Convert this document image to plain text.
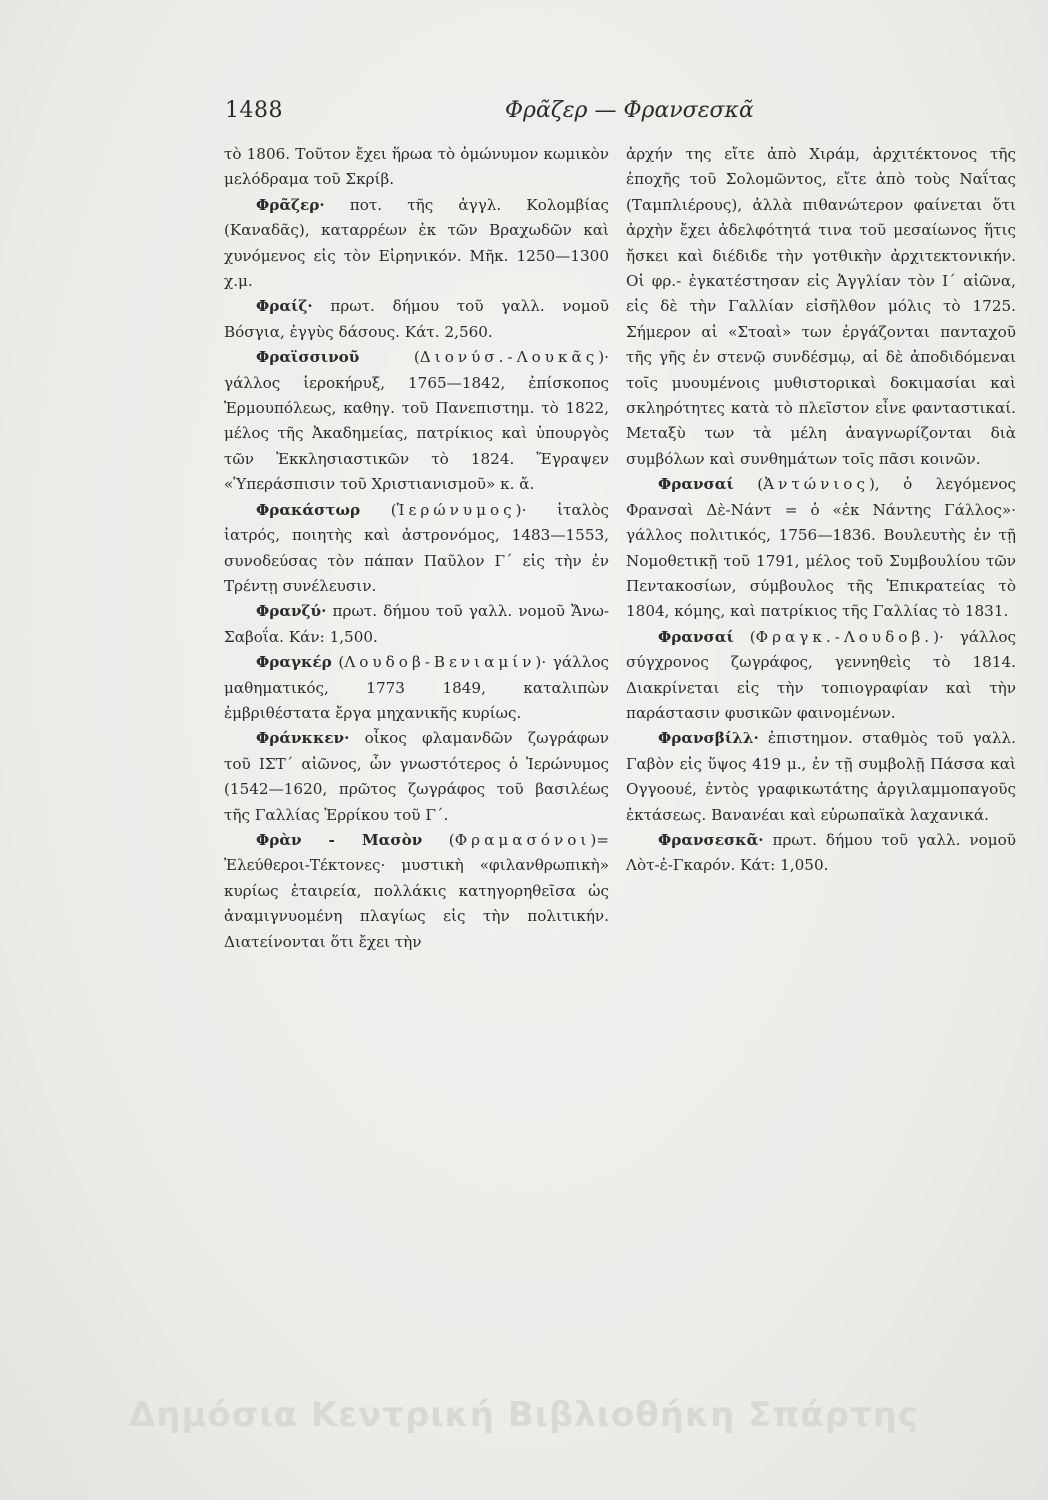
1488	Φρᾶζερ — Φρανσεσκᾶ

τὸ 1806. Τοῦτον ἔχει ἥρωα τὸ ὁμώνυμον κωμικὸν μελόδραμα τοῦ Σκρίβ.

Φρᾶζερ· ποτ. τῆς ἀγγλ. Κολομβίας (Καναδᾶς), καταρρέων ἐκ τῶν Βραχωδῶν καὶ χυνόμενος εἰς τὸν Εἰρηνικόν. Μῆκ. 1250—1300 χ.μ.

Φραίζ· πρωτ. δήμου τοῦ γαλλ. νομοῦ Βόσγια, ἐγγὺς δάσους. Κάτ. 2,560.

Φραϊσσινοῦ (Διονύσ.-Λουκᾶς)· γάλλος ἱεροκήρυξ, 1765—1842, ἐπίσκοπος Ἑρμουπόλεως, καθηγ. τοῦ Πανεπιστημ. τὸ 1822, μέλος τῆς Ἀκαδημείας, πατρίκιος καὶ ὑπουργὸς τῶν Ἐκκλησιαστικῶν τὸ 1824. Ἔγραψεν «Ὑπεράσπισιν τοῦ Χριστιανισμοῦ» κ. ἄ.

Φρακάστωρ (Ἱερώνυμος)· ἰταλὸς ἰατρός, ποιητὴς καὶ ἀστρονόμος, 1483—1553, συνοδεύσας τὸν πάπαν Παῦλον Γ΄ εἰς τὴν ἐν Τρέντῃ συνέλευσιν.

Φρανζύ· πρωτ. δήμου τοῦ γαλλ. νομοῦ Ἄνω-Σαβοΐα. Κάν: 1,500.

Φραγκέρ (Λουδοβ-Βενιαμίν)· γάλλος μαθηματικός, 1773 1849, καταλιπὼν ἐμβριθέστατα ἔργα μηχανικῆς κυρίως.

Φράνκκεν· οἶκος φλαμανδῶν ζωγράφων τοῦ ΙΣΤ΄ αἰῶνος, ὧν γνωστότερος ὁ Ἱερώνυμος (1542—1620, πρῶτος ζωγράφος τοῦ βασιλέως τῆς Γαλλίας Ἑρρίκου τοῦ Γ΄.

Φρὰν - Μασὸν (Φραμασόνοι)= Ἐλεύθεροι-Τέκτονες· μυστικὴ «φιλανθρωπικὴ» κυρίως ἑταιρεία, πολλάκις κατηγορηθεῖσα ὡς ἀναμιγνυομένη πλαγίως εἰς τὴν πολιτικήν. Διατείνονται ὅτι ἔχει τὴν

ἀρχήν της εἴτε ἀπὸ Χιράμ, ἀρχιτέκτονος τῆς ἐποχῆς τοῦ Σολομῶντος, εἴτε ἀπὸ τοὺς Ναΐτας (Ταμπλιέρους), ἀλλὰ πιθανώτερον φαίνεται ὅτι ἀρχὴν ἔχει ἀδελφότητά τινα τοῦ μεσαίωνος ἥτις ἤσκει καὶ διέδιδε τὴν γοτθικὴν ἀρχιτεκτονικήν. Οἱ φρ.- ἐγκατέστησαν εἰς Ἀγγλίαν τὸν Ι΄ αἰῶνα, εἰς δὲ τὴν Γαλλίαν εἰσῆλθον μόλις τὸ 1725. Σήμερον αἱ «Στοαὶ» των ἐργάζονται πανταχοῦ τῆς γῆς ἐν στενῷ συνδέσμῳ, αἱ δὲ ἀποδιδόμεναι τοῖς μυουμένοις μυθιστορικαὶ δοκιμασίαι καὶ σκληρότητες κατὰ τὸ πλεῖστον εἶνε φανταστικαί. Μεταξὺ των τὰ μέλη ἀναγνωρίζονται διὰ συμβόλων καὶ συνθημάτων τοῖς πᾶσι κοινῶν.

Φρανσαί (Ἀντώνιος), ὁ λεγόμενος Φρανσαὶ Δὲ-Νάντ = ὁ «ἐκ Νάντης Γάλλος»· γάλλος πολιτικός, 1756—1836. Βουλευτὴς ἐν τῇ Νομοθετικῇ τοῦ 1791, μέλος τοῦ Συμβουλίου τῶν Πεντακοσίων, σύμβουλος τῆς Ἐπικρατείας τὸ 1804, κόμης, καὶ πατρίκιος τῆς Γαλλίας τὸ 1831.

Φρανσαί (Φραγκ.-Λουδοβ.)· γάλλος σύγχρονος ζωγράφος, γεννηθεὶς τὸ 1814. Διακρίνεται εἰς τὴν τοπιογραφίαν καὶ τὴν παράστασιν φυσικῶν φαινομένων.

Φρανσβίλλ· ἐπιστημον. σταθμὸς τοῦ γαλλ. Γαβὸν εἰς ὕψος 419 μ., ἐν τῇ συμβολῇ Πάσσα καὶ Ογγοουέ, ἐντὸς γραφικωτάτης ἀργιλαμμοπαγοῦς ἐκτάσεως. Βανανέαι καὶ εὐρωπαϊκὰ λαχανικά.

Φρανσεσκᾶ· πρωτ. δήμου τοῦ γαλλ. νομοῦ Λὸτ-ἐ-Γκαρόν. Κάτ: 1,050.

Δημόσια Κεντρική Βιβλιοθήκη Σπάρτης
